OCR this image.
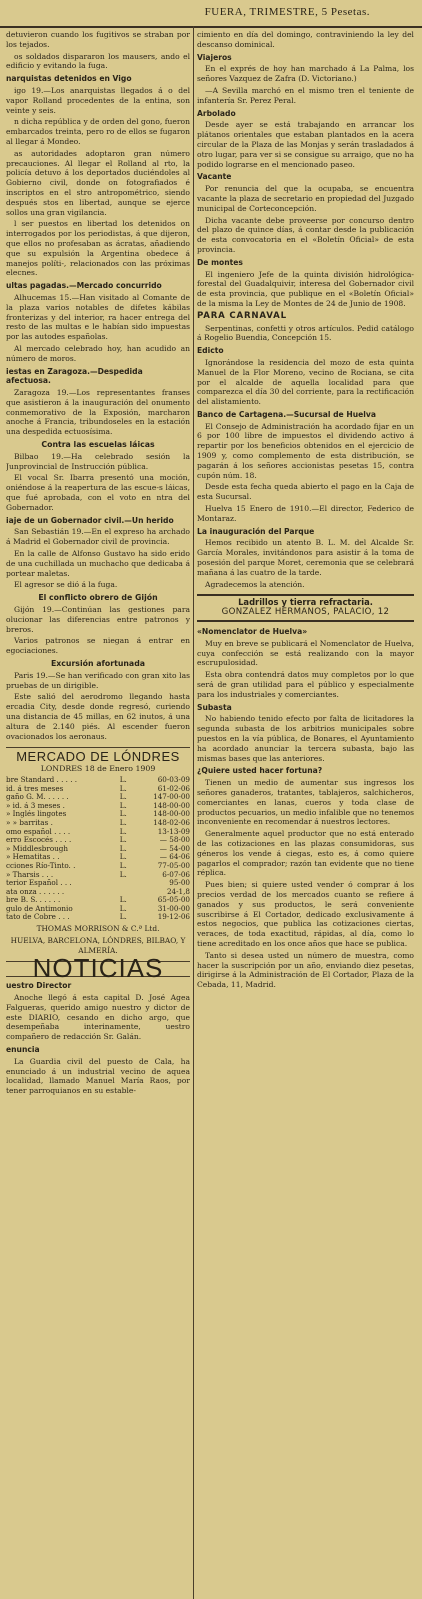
FUERA, TRIMESTRE, 5 Pesetas.

detuvieron cuando los fugitivos se straban por los tejados.

os soldados dispararon los mausers, ando el edificio y evitando la fuga.

narquistas detenidos en Vigo

igo 19.—Los anarquistas llegados á o del vapor Rolland procedentes de la entina, son veinte y seis.

n dicha república y de orden del gono, fueron embarcados treinta, pero ro de ellos se fugaron al llegar á Mondeo.

as autoridades adoptaron gran número precauciones. Al llegar el Rolland al rto, la policía detuvo á los deportados duciéndoles al Gobierno civil, donde on fotografiados é inscriptos en el stro antropométrico, siendo después stos en libertad, aunque se ejerce sollos una gran vigilancia.

l ser puestos en libertad los detenidos on interrogados por los periodistas, á que dijeron, que ellos no profesaban as ácratas, añadiendo que su expulsión la Argentina obedece á manejos políti-, relacionados con las próximas elecnes.

ultas pagadas.—Mercado concurrido

Alhucemas 15.—Han visitado al Comante de la plaza varios notables de difetes kábilas fronterizas y del interior, ra hacer entrega del resto de las multas e le habían sido impuestas por las autodes españolas.

Al mercado celebrado hoy, han acudido an número de moros.

iestas en Zaragoza.—Despedida afectuosa.

Zaragoza 19.—Los representantes franses que asistieron á la inauguración del onumento conmemorativo de la Exposión, marcharon anoche á Francia, tribundoseles en la estación una despedida ectuosísima.

Contra las escuelas láicas

Bilbao 19.—Ha celebrado sesión la Junprovincial de Instrucción pública.

El vocal Sr. Ibarra presentó una moción, oniéndose á la reapertura de las escue-s láicas, que fué aprobada, con el voto en ntra del Gobernador.

iaje de un Gobernador civil.—Un herido

San Sebastián 19.—En el expreso ha archado á Madrid el Gobernador civil de provincia.

En la calle de Alfonso Gustavo ha sido erido de una cuchillada un muchacho que dedicaba á portear maletas.

El agresor se dió á la fuga.

El conflicto obrero de Gijón

Gijón 19.—Continúan las gestiones para olucionar las diferencias entre patronos y breros.

Varios patronos se niegan á entrar en egociaciones.

Excursión afortunada

Paris 19.—Se han verificado con gran xito las pruebas de un dirigible.

Este salió del aerodromo llegando hasta ercadia City, desde donde regresó, curiendo una distancia de 45 millas, en 62 inutos, á una altura de 2.140 piés. Al escender fueron ovacionados los aeronaus.

MERCADO DE LÓNDRES
LONDRES 18 de Enero 1909
bre Standard . . . . .	L.	60-03-09
id. á tres meses	L.	61-02-06
gaño G. M. . . . . .	L.	147-00-00
» id. á 3 meses .	L.	148-00-00
» Inglés lingotes	L.	148-00-00
» » barritas .	L.	148-02-06
omo español . . . .	L.	13-13-09
erro Escocés . . . .	L.	— 58-00
» Middlesbrough	L.	— 54-00
» Hematitas . .	L.	— 64-06
cciones Río-Tinto. .	L.	77-05-00
» Tharsis . . .	L.	6-07-06
terior Español . . .		95-00
ata onza . . . . . .		24-1,8
bre B. S. . . . . .	L.	65-05-00
gulo de Antimonio	L.	31-00-00
tato de Cobre . . .	L.	19-12-06
THOMAS MORRISON & C.ª Ltd.
HUELVA, BARCELONA, LÓNDRES, BILBAO, Y ALMERÍA.
NOTICIAS
uestro Director

Anoche llegó á esta capital D. José Agea Falgueras, querido amigo nuestro y dictor de este DIARIO, cesando en dicho argo, que desempeñaba interinamente, uestro compañero de redacción Sr. Galán.

enuncia

La Guardia civil del puesto de Cala, ha enunciado á un industrial vecino de aquea localidad, llamado Manuel María Raos, por tener parroquianos en su estable-

cimiento en día del domingo, contraviniendo la ley del descanso dominical.

Viajeros

En el exprés de hoy han marchado á La Palma, los señores Vazquez de Zafra (D. Victoriano.)

—A Sevilla marchó en el mismo tren el teniente de infantería Sr. Perez Peral.

Arbolado

Desde ayer se está trabajando en arrancar los plátanos orientales que estaban plantados en la acera circular de la Plaza de las Monjas y serán trasladados á otro lugar, para ver si se consigue su arraigo, que no ha podido lograrse en el mencionado paseo.

Vacante

Por renuncia del que la ocupaba, se encuentra vacante la plaza de secretario en propiedad del Juzgado municipal de Corteconcepción.

Dicha vacante debe proveerse por concurso dentro del plazo de quince días, á contar desde la publicación de esta convocatoria en el «Boletín Oficial» de esta provincia.

De montes

El ingeniero Jefe de la quinta división hidrológica-forestal del Guadalquivir, interesa del Gobernador civil de esta provincia, que publique en el «Boletín Oficial» de la misma la Ley de Montes de 24 de Junio de 1908.

PARA CARNAVAL

Serpentinas, confetti y otros artículos. Pedid catálogo á Rogelio Buendia, Concepción 15.

Edicto

Ignorándose la residencia del mozo de esta quinta Manuel de la Flor Moreno, vecino de Rociana, se cita por el alcalde de aquella localidad para que comparezca el día 30 del corriente, para la rectificación del alistamiento.

Banco de Cartagena.—Sucursal de Huelva

El Consejo de Administración ha acordado fijar en un 6 por 100 libre de impuestos el dividendo activo á repartir por los beneficios obtenidos en el ejercicio de 1909 y, como complemento de esta distribución, se pagarán á los señores accionistas pesetas 15, contra cupón núm. 18.

Desde esta fecha queda abierto el pago en la Caja de esta Sucursal.

Huelva 15 Enero de 1910.—El director, Federico de Montaraz.

La inauguración del Parque

Hemos recibido un atento B. L. M. del Alcalde Sr. García Morales, invitándonos para asistir á la toma de posesión del parque Moret, ceremonia que se celebrará mañana á las cuatro de la tarde.

Agradecemos la atención.

Ladrillos y tierra refractaria.
GONZALEZ HERMANOS, PALACIO, 12
«Nomenclator de Huelva»

Muy en breve se publicará el Nomenclator de Huelva, cuya confección se está realizando con la mayor escrupulosidad.

Esta obra contendrá datos muy completos por lo que será de gran utilidad para el público y especialmente para los industriales y comerciantes.

Subasta

No habiendo tenido efecto por falta de licitadores la segunda subasta de los arbitrios municipales sobre puestos en la vía pública, de Bonares, el Ayuntamiento ha acordado anunciar la tercera subasta, bajo las mismas bases que las anteriores.

¿Quiere usted hacer fortuna?

Tienen un medio de aumentar sus ingresos los señores ganaderos, tratantes, tablajeros, salchicheros, comerciantes en lanas, cueros y toda clase de productos pecuarios, un medio infalible que no tenemos inconveniente en recomendar á nuestros lectores.

Generalmente aquel productor que no está enterado de las cotizaciones en las plazas consumidoras, sus géneros los vende á ciegas, esto es, á como quiere pagarlos el comprador; razón tan evidente que no tiene réplica.

Pues bien; si quiere usted vender ó comprar á los precios verdad de los mercados cuanto se refiere á ganados y sus productos, le será conveniente suscribirse á El Cortador, dedicado exclusivamente á estos negocios, que publica las cotizaciones ciertas, veraces, de toda exactitud, rápidas, al día, como lo tiene acreditado en los once años que hace se publica.

Tanto si desea usted un número de muestra, como hacer la suscripción por un año, enviando diez pesetas, dirigirse á la Administración de El Cortador, Plaza de la Cebada, 11, Madrid.
